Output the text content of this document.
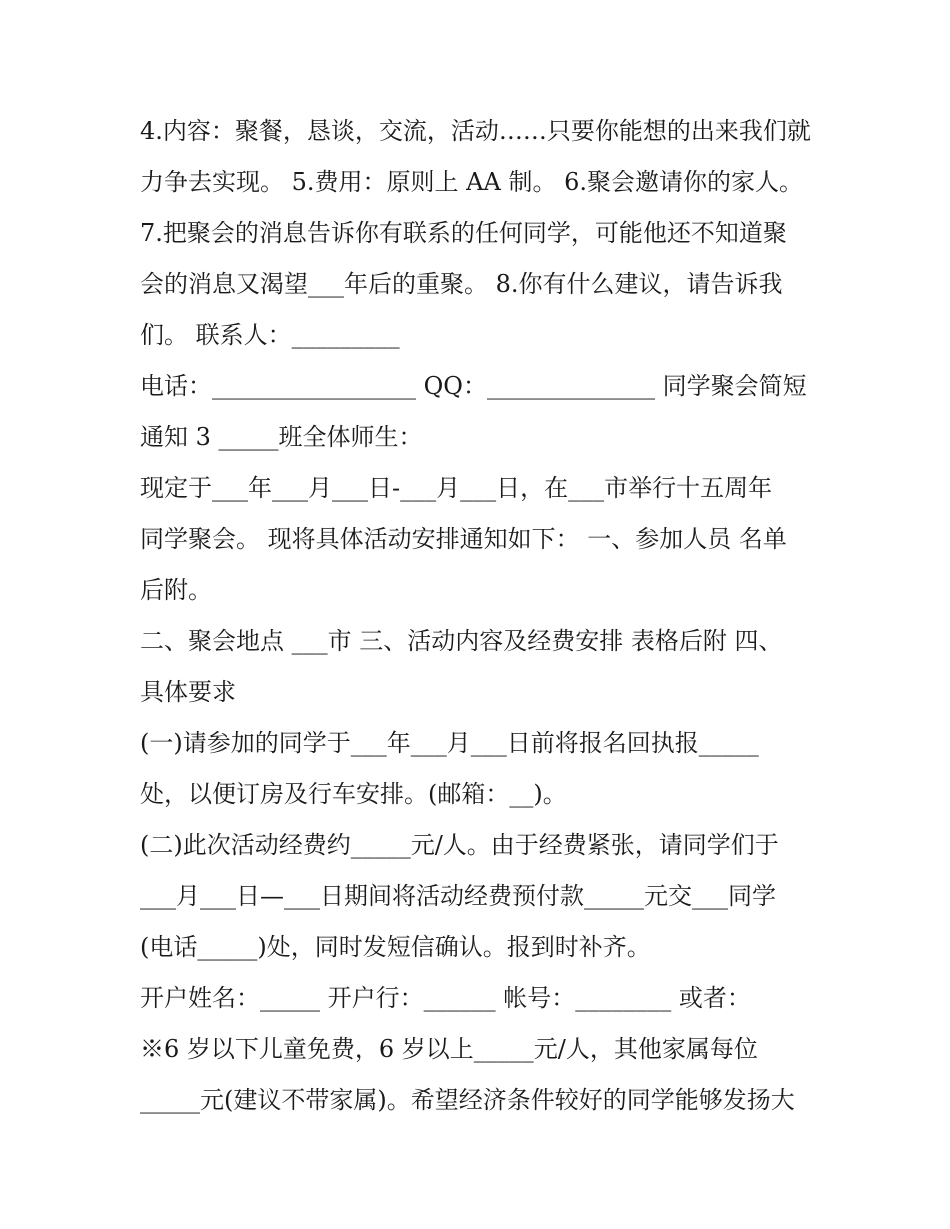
4.内容：聚餐，恳谈，交流，活动……只要你能想的出来我们就
力争去实现。 5.费用：原则上 AA 制。 6.聚会邀请你的家人。
7.把聚会的消息告诉你有联系的任何同学，可能他还不知道聚
会的消息又渴望___年后的重聚。 8.你有什么建议，请告诉我
们。 联系人：_________
电话：_________________ QQ：______________ 同学聚会简短
通知 3 _____班全体师生：
现定于___年___月___日-___月___日，在___市举行十五周年
同学聚会。 现将具体活动安排通知如下： 一、参加人员 名单
后附。
二、聚会地点 ___市 三、活动内容及经费安排 表格后附 四、
具体要求
(一)请参加的同学于___年___月___日前将报名回执报_____
处，以便订房及行车安排。(邮箱：__)。
(二)此次活动经费约_____元/人。由于经费紧张，请同学们于
___月___日—___日期间将活动经费预付款_____元交___同学
(电话_____)处，同时发短信确认。报到时补齐。
开户姓名：_____ 开户行：______ 帐号：________ 或者：
※6 岁以下儿童免费，6 岁以上_____元/人，其他家属每位
_____元(建议不带家属)。希望经济条件较好的同学能够发扬大
